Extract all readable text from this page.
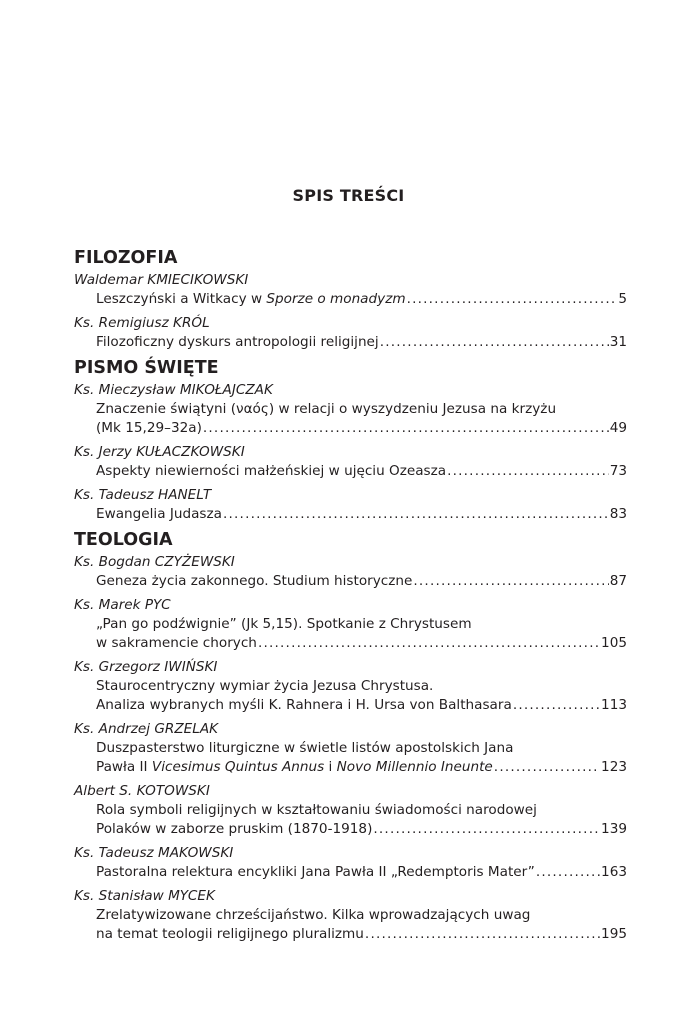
SPIS TREŚCI
FILOZOFIA
Waldemar KMIECIKOWSKI
Leszczyński a Witkacy w Sporze o monadyzm .....	5
Ks. Remigiusz KRÓL
Filozoficzny dyskurs antropologii religijnej .....	31
PISMO ŚWIĘTE
Ks. Mieczysław MIKOŁAJCZAK
Znaczenie świątyni (ναός) w relacji o wyszydzeniu Jezusa na krzyżu
(Mk 15,29–32a) .....	49
Ks. Jerzy KUŁACZKOWSKI
Aspekty niewierności małżeńskiej w ujęciu Ozeasza .....	73
Ks. Tadeusz HANELT
Ewangelia Judasza .....	83
TEOLOGIA
Ks. Bogdan CZYŻEWSKI
Geneza życia zakonnego. Studium historyczne .....	87
Ks. Marek PYC
„Pan go podźwignie” (Jk 5,15). Spotkanie z Chrystusem
w sakramencie chorych .....	105
Ks. Grzegorz IWIŃSKI
Staurocentryczny wymiar życia Jezusa Chrystusa.
Analiza wybranych myśli K. Rahnera i H. Ursa von Balthasara .....	113
Ks. Andrzej GRZELAK
Duszpasterstwo liturgiczne w świetle listów apostolskich Jana
Pawła II Vicesimus Quintus Annus i Novo Millennio Ineunte .....	123
Albert S. KOTOWSKI
Rola symboli religijnych w kształtowaniu świadomości narodowej
Polaków w zaborze pruskim (1870-1918) .....	139
Ks. Tadeusz MAKOWSKI
Pastoralna relektura encykliki Jana Pawła II „Redemptoris Mater” .....	163
Ks. Stanisław MYCEK
Zrelatywizowane chrześcijaństwo. Kilka wprowadzających uwag
na temat teologii religijnego pluralizmu .....	195
